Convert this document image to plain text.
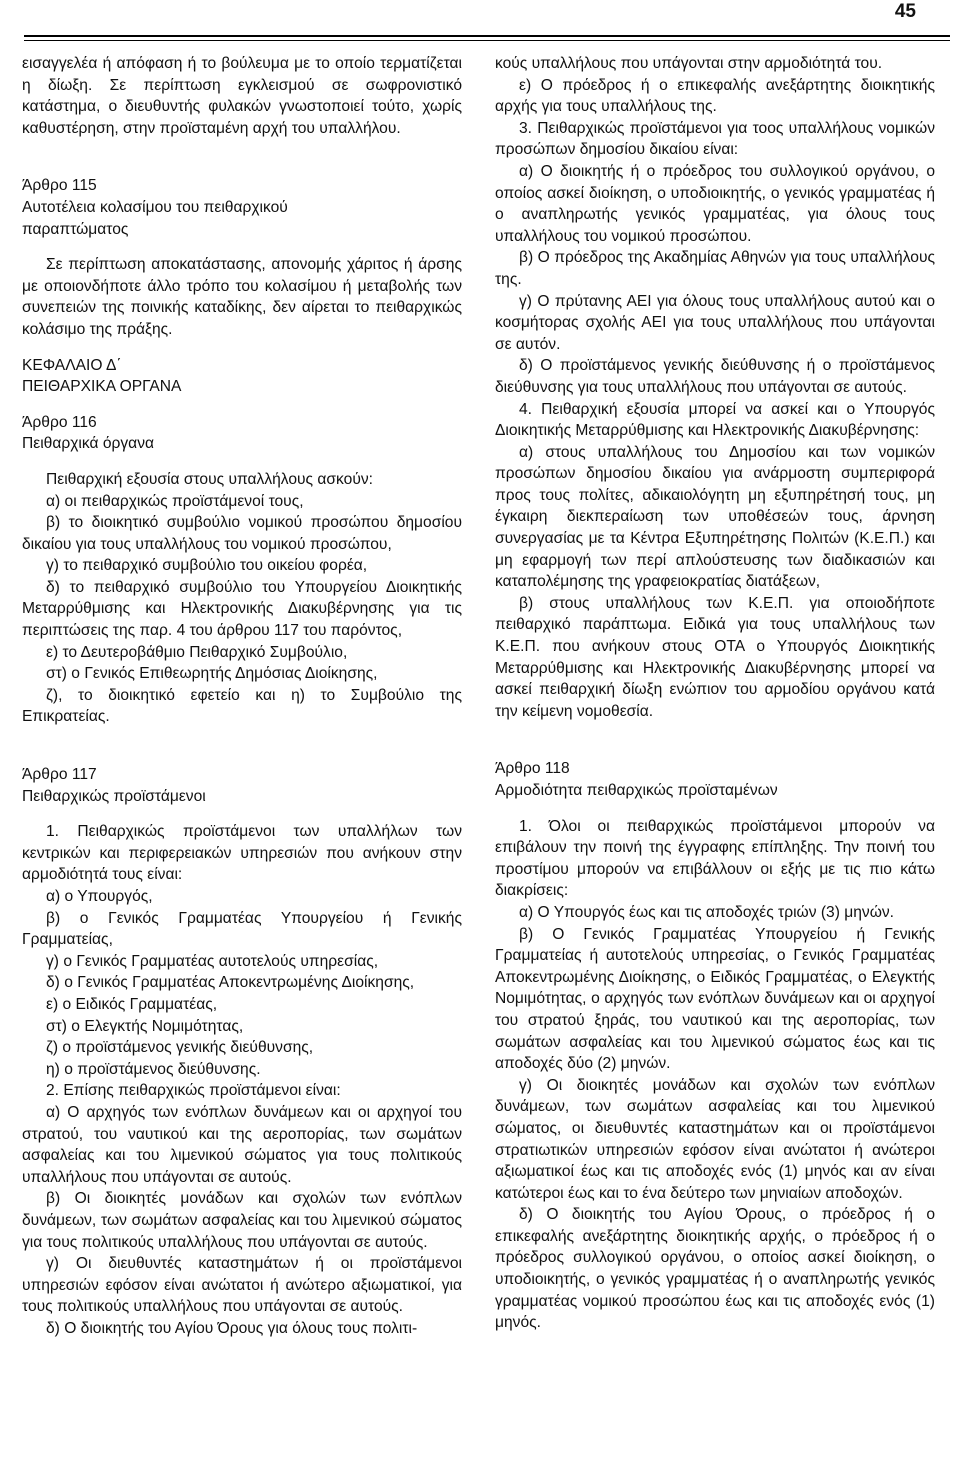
45

εισαγγελέα ή απόφαση ή το βούλευμα με το οποίο τερματίζεται η δίωξη. Σε περίπτωση εγκλεισμού σε σωφρονιστικό κατάστημα, ο διευθυντής φυλακών γνωστοποιεί τούτο, χωρίς καθυστέρηση, στην προϊσταμένη αρχή του υπαλλήλου.

Άρθρο 115

Αυτοτέλεια κολασίμου του πειθαρχικού

παραπτώματος

Σε περίπτωση αποκατάστασης, απονομής χάριτος ή άρσης με οποιονδήποτε άλλο τρόπο του κολασίμου ή μεταβολής των συνεπειών της ποινικής καταδίκης, δεν αίρεται το πειθαρχικώς κολάσιμο της πράξης.

ΚΕΦΑΛΑΙΟ Δ΄

ΠΕΙΘΑΡΧΙΚΑ ΟΡΓΑΝΑ

Άρθρο 116

Πειθαρχικά όργανα

Πειθαρχική εξουσία στους υπαλλήλους ασκούν:

α) οι πειθαρχικώς προϊστάμενοί τους,

β) το διοικητικό συμβούλιο νομικού προσώπου δημοσίου δικαίου για τους υπαλλήλους του νομικού προσώπου,

γ) το πειθαρχικό συμβούλιο του οικείου φορέα,

δ) το πειθαρχικό συμβούλιο του Υπουργείου Διοικητικής Μεταρρύθμισης και Ηλεκτρονικής Διακυβέρνησης για τις περιπτώσεις της παρ. 4 του άρθρου 117 του παρόντος,

ε) το Δευτεροβάθμιο Πειθαρχικό Συμβούλιο,

στ) ο Γενικός Επιθεωρητής Δημόσιας Διοίκησης,

ζ), το διοικητικό εφετείο και η) το Συμβούλιο της Επικρατείας.

Άρθρο 117

Πειθαρχικώς προϊστάμενοι

1. Πειθαρχικώς προϊστάμενοι των υπαλλήλων των κεντρικών και περιφερειακών υπηρεσιών που ανήκουν στην αρμοδιότητά τους είναι:

α) ο Υπουργός,

β) ο Γενικός Γραμματέας Υπουργείου ή Γενικής Γραμματείας,

γ) ο Γενικός Γραμματέας αυτοτελούς υπηρεσίας,

δ) ο Γενικός Γραμματέας Αποκεντρωμένης Διοίκησης,

ε) ο Ειδικός Γραμματέας,

στ) ο Ελεγκτής Νομιμότητας,

ζ) ο προϊστάμενος γενικής διεύθυνσης,

η) ο προϊστάμενος διεύθυνσης.

2. Επίσης πειθαρχικώς προϊστάμενοι είναι:

α) Ο αρχηγός των ενόπλων δυνάμεων και οι αρχηγοί του στρατού, του ναυτικού και της αεροπορίας, των σωμάτων ασφαλείας και του λιμενικού σώματος για τους πολιτικούς υπαλλήλους που υπάγονται σε αυτούς.

β) Οι διοικητές μονάδων και σχολών των ενόπλων δυνάμεων, των σωμάτων ασφαλείας και του λιμενικού σώματος για τους πολιτικούς υπαλλήλους που υπάγονται σε αυτούς.

γ) Οι διευθυντές καταστημάτων ή οι προϊστάμενοι υπηρεσιών εφόσον είναι ανώτατοι ή ανώτερο αξιωματικοί, για τους πολιτικούς υπαλλήλους που υπάγονται σε αυτούς.

δ) Ο διοικητής του Αγίου Όρους για όλους τους πολιτι-

κούς υπαλλήλους που υπάγονται στην αρμοδιότητά του.

ε) Ο πρόεδρος ή ο επικεφαλής ανεξάρτητης διοικητικής αρχής για τους υπαλλήλους της.

3. Πειθαρχικώς προϊστάμενοι για τοος υπαλλήλους νομικών προσώπων δημοσίου δικαίου είναι:

α) Ο διοικητής ή ο πρόεδρος του συλλογικού οργάνου, ο οποίος ασκεί διοίκηση, ο υποδιοικητής, ο γενικός γραμματέας ή ο αναπληρωτής γενικός γραμματέας, για όλους τους υπαλλήλους του νομικού προσώπου.

β) Ο πρόεδρος της Ακαδημίας Αθηνών για τους υπαλλήλους της.

γ) Ο πρύτανης ΑΕΙ για όλους τους υπαλλήλους αυτού και ο κοσμήτορας σχολής ΑΕΙ για τους υπαλλήλους που υπάγονται σε αυτόν.

δ) Ο προϊστάμενος γενικής διεύθυνσης ή ο προϊστάμενος διεύθυνσης για τους υπαλλήλους που υπάγονται σε αυτούς.

4. Πειθαρχική εξουσία μπορεί να ασκεί και ο Υπουργός Διοικητικής Μεταρρύθμισης και Ηλεκτρονικής Διακυβέρνησης:

α) στους υπαλλήλους του Δημοσίου και των νομικών προσώπων δημοσίου δικαίου για ανάρμοστη συμπεριφορά προς τους πολίτες, αδικαιολόγητη μη εξυπηρέτησή τους, μη έγκαιρη διεκπεραίωση των υποθέσεών τους, άρνηση συνεργασίας με τα Κέντρα Εξυπηρέτησης Πολιτών (Κ.Ε.Π.) και μη εφαρμογή των περί απλούστευσης των διαδικασιών και καταπολέμησης της γραφειοκρατίας διατάξεων,

β) στους υπαλλήλους των Κ.Ε.Π. για οποιοδήποτε πειθαρχικό παράπτωμα. Ειδικά για τους υπαλλήλους των Κ.Ε.Π. που ανήκουν στους ΟΤΑ ο Υπουργός Διοικητικής Μεταρρύθμισης και Ηλεκτρονικής Διακυβέρνησης μπορεί να ασκεί πειθαρχική δίωξη ενώπιον του αρμοδίου οργάνου κατά την κείμενη νομοθεσία.

Άρθρο 118

Αρμοδιότητα πειθαρχικώς προϊσταμένων

1. Όλοι οι πειθαρχικώς προϊστάμενοι μπορούν να επιβάλουν την ποινή της έγγραφης επίπληξης. Την ποινή του προστίμου μπορούν να επιβάλλουν οι εξής με τις πιο κάτω διακρίσεις:

α) Ο Υπουργός έως και τις αποδοχές τριών (3) μηνών.

β) Ο Γενικός Γραμματέας Υπουργείου ή Γενικής Γραμματείας ή αυτοτελούς υπηρεσίας, ο Γενικός Γραμματέας Αποκεντρωμένης Διοίκησης, ο Ειδικός Γραμματέας, ο Ελεγκτής Νομιμότητας, ο αρχηγός των ενόπλων δυνάμεων και οι αρχηγοί του στρατού ξηράς, του ναυτικού και της αεροπορίας, των σωμάτων ασφαλείας και του λιμενικού σώματος έως και τις αποδοχές δύο (2) μηνών.

γ) Οι διοικητές μονάδων και σχολών των ενόπλων δυνάμεων, των σωμάτων ασφαλείας και του λιμενικού σώματος, οι διευθυντές καταστημάτων και οι προϊστάμενοι στρατιωτικών υπηρεσιών εφόσον είναι ανώτατοι ή ανώτεροι αξιωματικοί έως και τις αποδοχές ενός (1) μηνός και αν είναι κατώτεροι έως και το ένα δεύτερο των μηνιαίων αποδοχών.

δ) Ο διοικητής του Αγίου Όρους, ο πρόεδρος ή ο επικεφαλής ανεξάρτητης διοικητικής αρχής, ο πρόεδρος ή ο πρόεδρος συλλογικού οργάνου, ο οποίος ασκεί διοίκηση, ο υποδιοικητής, ο γενικός γραμματέας ή ο αναπληρωτής γενικός γραμματέας νομικού προσώπου έως και τις αποδοχές ενός (1) μηνός.
